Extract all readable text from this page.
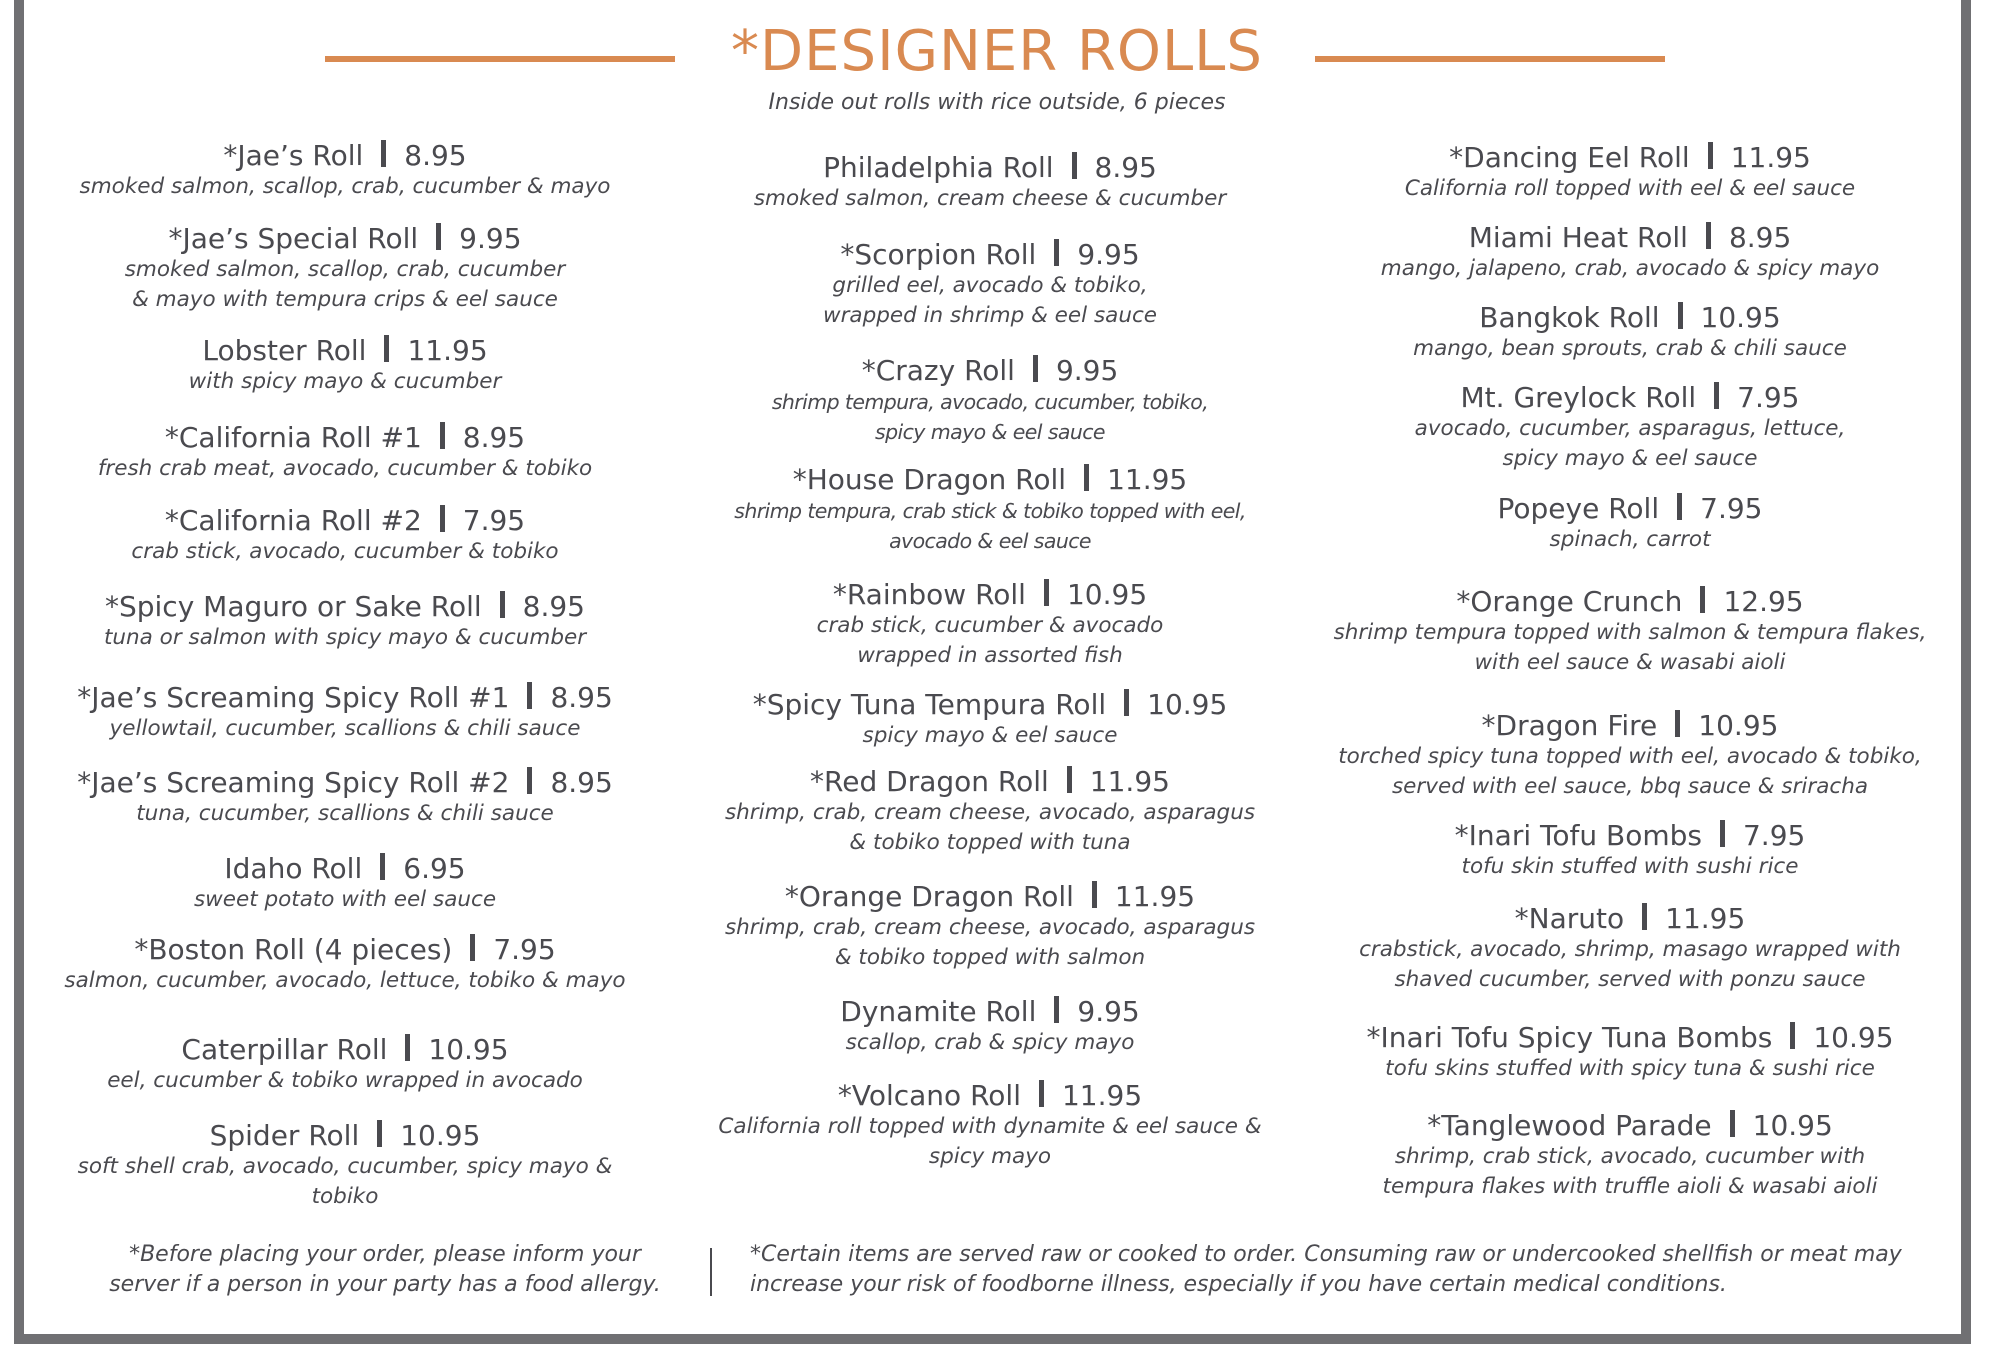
*DESIGNER ROLLS
Inside out rolls with rice outside, 6 pieces
*Jae’s Roll 8.95
smoked salmon, scallop, crab, cucumber & mayo
*Jae’s Special Roll 9.95
smoked salmon, scallop, crab, cucumber
& mayo with tempura crips & eel sauce
Lobster Roll 11.95
with spicy mayo & cucumber
*California Roll #1 8.95
fresh crab meat, avocado, cucumber & tobiko
*California Roll #2 7.95
crab stick, avocado, cucumber & tobiko
*Spicy Maguro or Sake Roll 8.95
tuna or salmon with spicy mayo & cucumber
*Jae’s Screaming Spicy Roll #1 8.95
yellowtail, cucumber, scallions & chili sauce
*Jae’s Screaming Spicy Roll #2 8.95
tuna, cucumber, scallions & chili sauce
Idaho Roll 6.95
sweet potato with eel sauce
*Boston Roll (4 pieces) 7.95
salmon, cucumber, avocado, lettuce, tobiko & mayo
Caterpillar Roll 10.95
eel, cucumber & tobiko wrapped in avocado
Spider Roll 10.95
soft shell crab, avocado, cucumber, spicy mayo &
tobiko
Philadelphia Roll 8.95
smoked salmon, cream cheese & cucumber
*Scorpion Roll 9.95
grilled eel, avocado & tobiko,
wrapped in shrimp & eel sauce
*Crazy Roll 9.95
shrimp tempura, avocado, cucumber, tobiko,
spicy mayo & eel sauce
*House Dragon Roll 11.95
shrimp tempura, crab stick & tobiko topped with eel,
avocado & eel sauce
*Rainbow Roll 10.95
crab stick, cucumber & avocado
wrapped in assorted fish
*Spicy Tuna Tempura Roll 10.95
spicy mayo & eel sauce
*Red Dragon Roll 11.95
shrimp, crab, cream cheese, avocado, asparagus
& tobiko topped with tuna
*Orange Dragon Roll 11.95
shrimp, crab, cream cheese, avocado, asparagus
& tobiko topped with salmon
Dynamite Roll 9.95
scallop, crab & spicy mayo
*Volcano Roll 11.95
California roll topped with dynamite & eel sauce &
spicy mayo
*Dancing Eel Roll 11.95
California roll topped with eel & eel sauce
Miami Heat Roll 8.95
mango, jalapeno, crab, avocado & spicy mayo
Bangkok Roll 10.95
mango, bean sprouts, crab & chili sauce
Mt. Greylock Roll 7.95
avocado, cucumber, asparagus, lettuce,
spicy mayo & eel sauce
Popeye Roll 7.95
spinach, carrot
*Orange Crunch 12.95
shrimp tempura topped with salmon & tempura flakes,
with eel sauce & wasabi aioli
*Dragon Fire 10.95
torched spicy tuna topped with eel, avocado & tobiko,
served with eel sauce, bbq sauce & sriracha
*Inari Tofu Bombs 7.95
tofu skin stuffed with sushi rice
*Naruto 11.95
crabstick, avocado, shrimp, masago wrapped with
shaved cucumber, served with ponzu sauce
*Inari Tofu Spicy Tuna Bombs 10.95
tofu skins stuffed with spicy tuna & sushi rice
*Tanglewood Parade 10.95
shrimp, crab stick, avocado, cucumber with
tempura flakes with truffle aioli & wasabi aioli
*Before placing your order, please inform your
server if a person in your party has a food allergy.
*Certain items are served raw or cooked to order. Consuming raw or undercooked shellfish or meat may
increase your risk of foodborne illness, especially if you have certain medical conditions.
